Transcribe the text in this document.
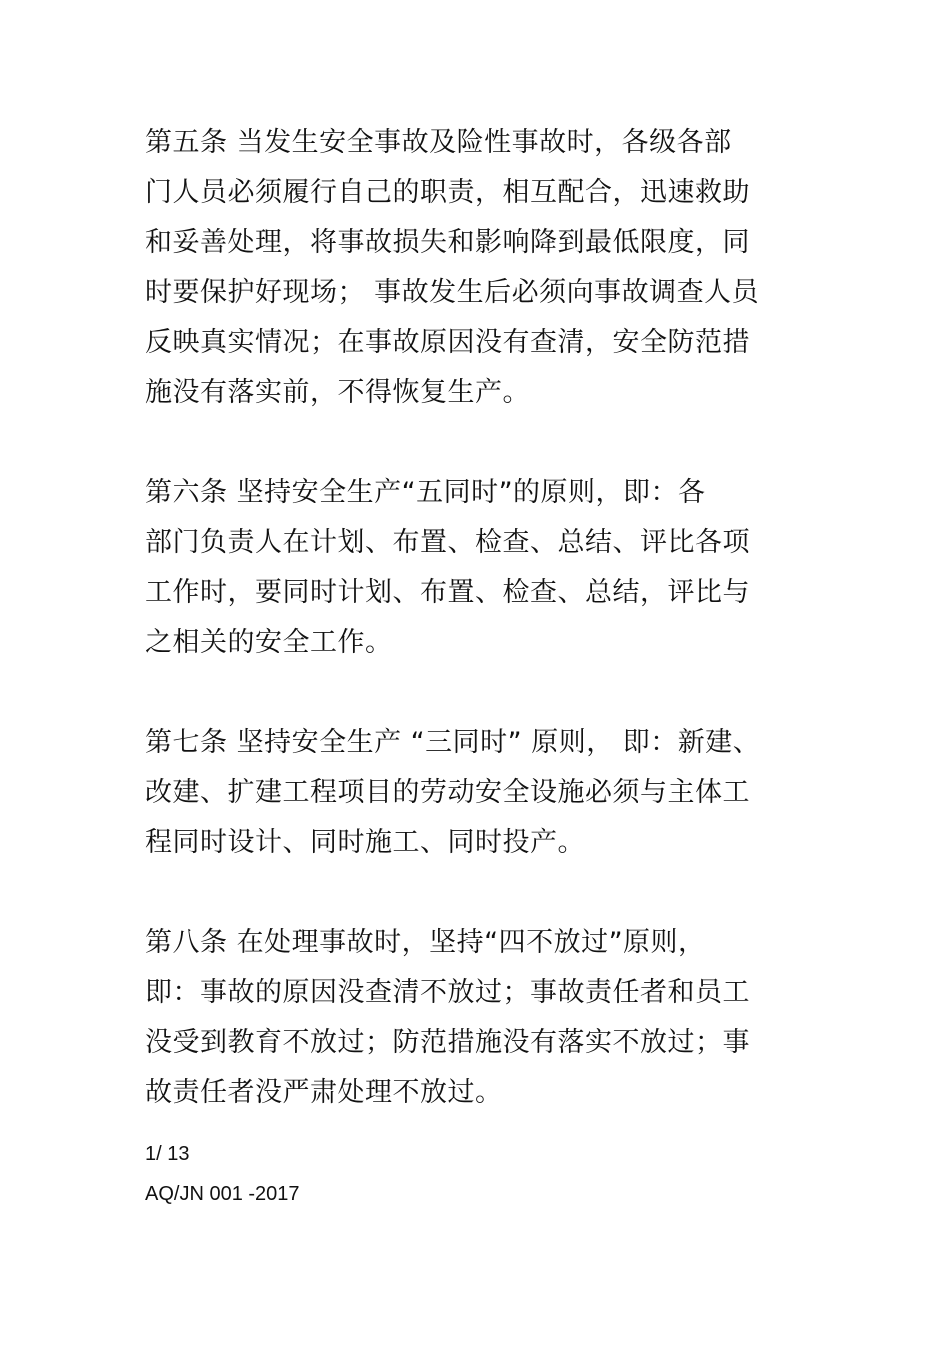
第五条 当发生安全事故及险性事故时，各级各部
门人员必须履行自己的职责，相互配合，迅速救助
和妥善处理，将事故损失和影响降到最低限度，同
时要保护好现场； 事故发生后必须向事故调查人员
反映真实情况；在事故原因没有查清，安全防范措
施没有落实前，不得恢复生产。
第六条 坚持安全生产“五同时”的原则，即：各
部门负责人在计划、布置、检查、总结、评比各项
工作时，要同时计划、布置、检查、总结，评比与
之相关的安全工作。
第七条 坚持安全生产 “三同时” 原则， 即：新建、
改建、扩建工程项目的劳动安全设施必须与主体工
程同时设计、同时施工、同时投产。
第八条 在处理事故时，坚持“四不放过”原则，
即：事故的原因没查清不放过；事故责任者和员工
没受到教育不放过；防范措施没有落实不放过；事
故责任者没严肃处理不放过。
1/ 13
AQ/JN 001 -2017
